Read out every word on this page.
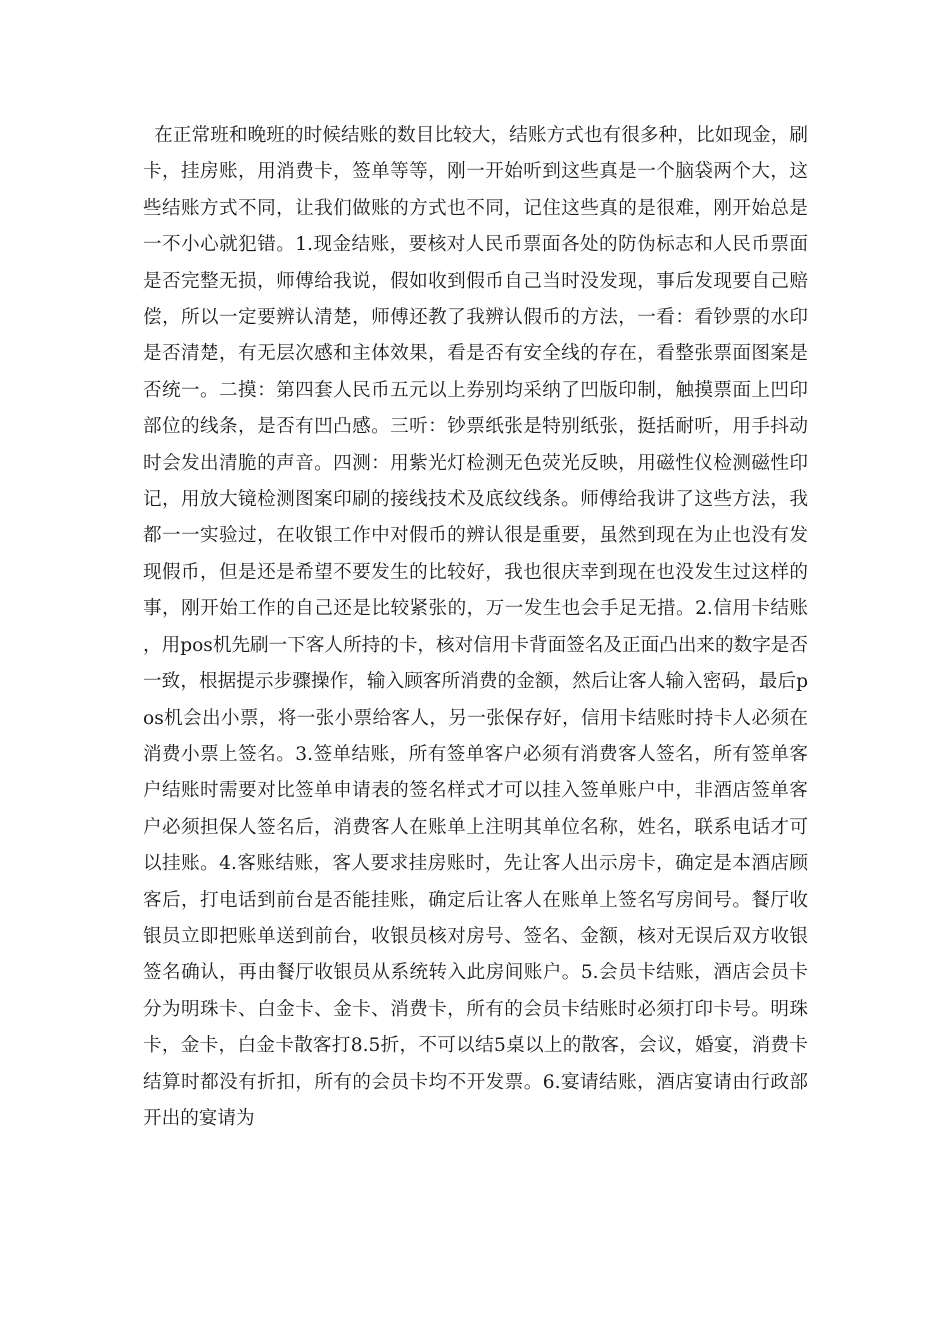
在正常班和晚班的时候结账的数目比较大，结账方式也有很多种，比如现金，刷卡，挂房账，用消费卡，签单等等，刚一开始听到这些真是一个脑袋两个大，这些结账方式不同，让我们做账的方式也不同，记住这些真的是很难，刚开始总是一不小心就犯错。1.现金结账，要核对人民币票面各处的防伪标志和人民币票面是否完整无损，师傅给我说，假如收到假币自己当时没发现，事后发现要自己赔偿，所以一定要辨认清楚，师傅还教了我辨认假币的方法，一看：看钞票的水印是否清楚，有无层次感和主体效果，看是否有安全线的存在，看整张票面图案是否统一。二摸：第四套人民币五元以上券别均采纳了凹版印制，触摸票面上凹印部位的线条，是否有凹凸感。三听：钞票纸张是特别纸张，挺括耐听，用手抖动时会发出清脆的声音。四测：用紫光灯检测无色荧光反映，用磁性仪检测磁性印记，用放大镜检测图案印刷的接线技术及底纹线条。师傅给我讲了这些方法，我都一一实验过，在收银工作中对假币的辨认很是重要，虽然到现在为止也没有发现假币，但是还是希望不要发生的比较好，我也很庆幸到现在也没发生过这样的事，刚开始工作的自己还是比较紧张的，万一发生也会手足无措。2.信用卡结账，用pos机先刷一下客人所持的卡，核对信用卡背面签名及正面凸出来的数字是否一致，根据提示步骤操作，输入顾客所消费的金额，然后让客人输入密码，最后pos机会出小票，将一张小票给客人，另一张保存好，信用卡结账时持卡人必须在消费小票上签名。3.签单结账，所有签单客户必须有消费客人签名，所有签单客户结账时需要对比签单申请表的签名样式才可以挂入签单账户中，非酒店签单客户必须担保人签名后，消费客人在账单上注明其单位名称，姓名，联系电话才可以挂账。4.客账结账，客人要求挂房账时，先让客人出示房卡，确定是本酒店顾客后，打电话到前台是否能挂账，确定后让客人在账单上签名写房间号。餐厅收银员立即把账单送到前台，收银员核对房号、签名、金额，核对无误后双方收银签名确认，再由餐厅收银员从系统转入此房间账户。5.会员卡结账，酒店会员卡分为明珠卡、白金卡、金卡、消费卡，所有的会员卡结账时必须打印卡号。明珠卡，金卡，白金卡散客打8.5折，不可以结5桌以上的散客，会议，婚宴，消费卡结算时都没有折扣，所有的会员卡均不开发票。6.宴请结账，酒店宴请由行政部开出的宴请为
